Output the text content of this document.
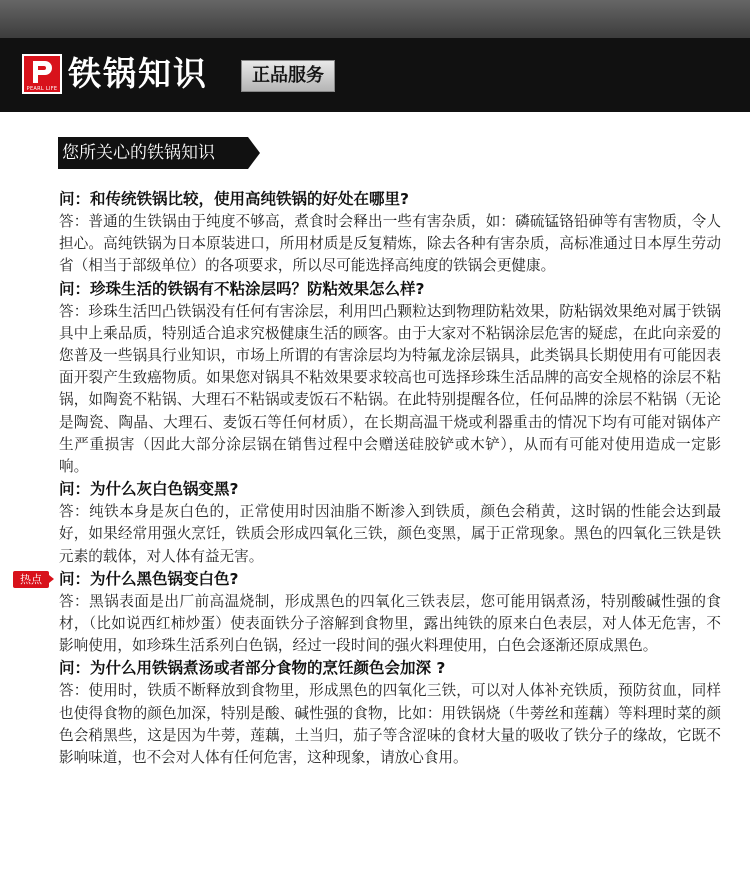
PEARL LIFE 铁锅知识	正品服务
您所关心的铁锅知识
问：和传统铁锅比较，使用高纯铁锅的好处在哪里?
答：普通的生铁锅由于纯度不够高，煮食时会释出一些有害杂质，如：磷硫锰铬铅砷等有害物质，令人担心。高纯铁锅为日本原装进口，所用材质是反复精炼，除去各种有害杂质，高标准通过日本厚生劳动省（相当于部级单位）的各项要求，所以尽可能选择高纯度的铁锅会更健康。
问：珍珠生活的铁锅有不粘涂层吗？防粘效果怎么样?
答：珍珠生活凹凸铁锅没有任何有害涂层，利用凹凸颗粒达到物理防粘效果，防粘锅效果绝对属于铁锅具中上乘品质，特别适合追求究极健康生活的顾客。由于大家对不粘锅涂层危害的疑虑，在此向亲爱的您普及一些锅具行业知识，市场上所谓的有害涂层均为特氟龙涂层锅具，此类锅具长期使用有可能因表面开裂产生致癌物质。如果您对锅具不粘效果要求较高也可选择珍珠生活品牌的高安全规格的涂层不粘锅，如陶瓷不粘锅、大理石不粘锅或麦饭石不粘锅。在此特别提醒各位，任何品牌的涂层不粘锅（无论是陶瓷、陶晶、大理石、麦饭石等任何材质），在长期高温干烧或利器重击的情况下均有可能对锅体产生严重损害（因此大部分涂层锅在销售过程中会赠送硅胶铲或木铲），从而有可能对使用造成一定影响。
问：为什么灰白色锅变黑?
答：纯铁本身是灰白色的，正常使用时因油脂不断渗入到铁质，颜色会稍黄，这时锅的性能会达到最好，如果经常用强火烹饪，铁质会形成四氧化三铁，颜色变黑，属于正常现象。黑色的四氧化三铁是铁元素的载体，对人体有益无害。
热点	问：为什么黑色锅变白色?
答：黑锅表面是出厂前高温烧制，形成黑色的四氧化三铁表层，您可能用锅煮汤，特别酸碱性强的食材，（比如说西红柿炒蛋）使表面铁分子溶解到食物里，露出纯铁的原来白色表层，对人体无危害，不影响使用，如珍珠生活系列白色锅，经过一段时间的强火料理使用，白色会逐渐还原成黑色。
问：为什么用铁锅煮汤或者部分食物的烹饪颜色会加深 ?
答：使用时，铁质不断释放到食物里，形成黑色的四氧化三铁，可以对人体补充铁质，预防贫血，同样也使得食物的颜色加深，特别是酸、碱性强的食物，比如：用铁锅烧（牛蒡丝和莲藕）等料理时菜的颜色会稍黑些，这是因为牛蒡，莲藕，土当归，茄子等含涩味的食材大量的吸收了铁分子的缘故，它既不影响味道，也不会对人体有任何危害，这种现象，请放心食用。
